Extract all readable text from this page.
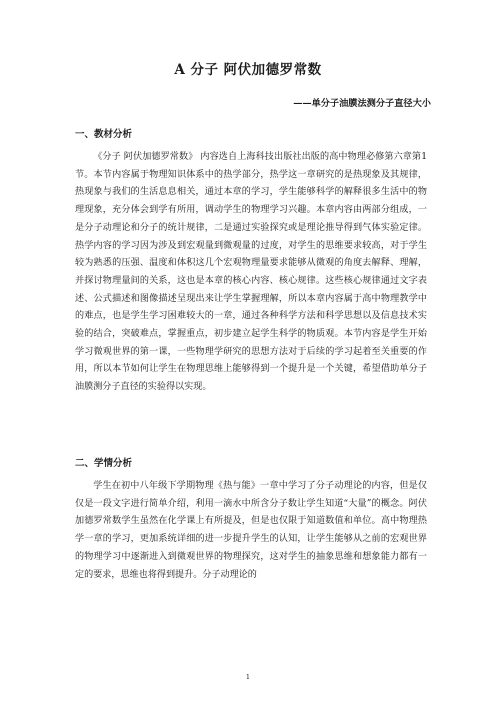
A 分子 阿伏加德罗常数
——单分子油膜法测分子直径大小
一、教材分析

《分子 阿伏加德罗常数》 内容选自上海科技出版社出版的高中物理必修第六章第1节。本节内容属于物理知识体系中的热学部分，热学这一章研究的是热现象及其规律，热现象与我们的生活息息相关，通过本章的学习，学生能够科学的解释很多生活中的物理现象，充分体会到学有所用，调动学生的物理学习兴趣。本章内容由两部分组成，一是分子动理论和分子的统计规律，二是通过实验探究或是理论推导得到气体实验定律。热学内容的学习因为涉及到宏观量到微观量的过度，对学生的思维要求较高，对于学生较为熟悉的压强、温度和体积这几个宏观物理量要求能够从微观的角度去解释、理解，并探讨物理量间的关系，这也是本章的核心内容、核心规律。这些核心规律通过文字表述、公式描述和图像描述呈现出来让学生掌握理解，所以本章内容属于高中物理教学中的难点，也是学生学习困难较大的一章，通过各种科学方法和科学思想以及信息技术实验的结合，突破难点，掌握重点，初步建立起学生科学的物质观。本节内容是学生开始学习微观世界的第一课，一些物理学研究的思想方法对于后续的学习起着至关重要的作用，所以本节如何让学生在物理思维上能够得到一个提升是一个关键，希望借助单分子油膜测分子直径的实验得以实现。

二、学情分析

学生在初中八年级下学期物理《热与能》一章中学习了分子动理论的内容，但是仅仅是一段文字进行简单介绍，利用一滴水中所含分子数让学生知道“大量”的概念。阿伏加德罗常数学生虽然在化学课上有所提及，但是也仅限于知道数值和单位。高中物理热学一章的学习，更加系统详细的进一步提升学生的认知，让学生能够从之前的宏观世界的物理学习中逐渐进入到微观世界的物理探究，这对学生的抽象思维和想象能力都有一定的要求，思维也将得到提升。分子动理论的

1
